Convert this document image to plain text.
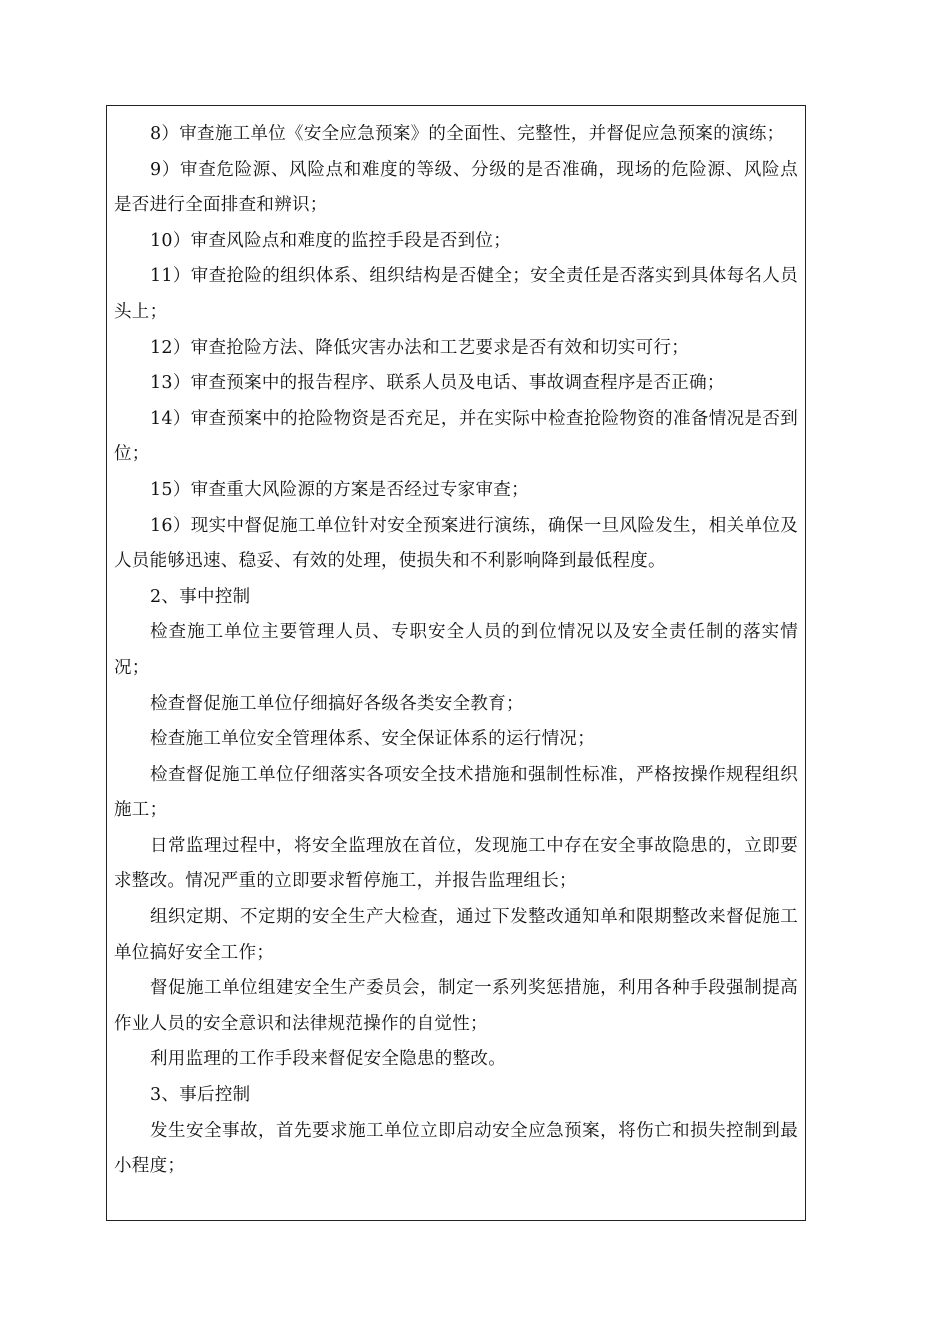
8）审查施工单位《安全应急预案》的全面性、完整性，并督促应急预案的演练；

9）审查危险源、风险点和难度的等级、分级的是否准确，现场的危险源、风险点是否进行全面排查和辨识；

10）审查风险点和难度的监控手段是否到位；

11）审查抢险的组织体系、组织结构是否健全；安全责任是否落实到具体每名人员头上；

12）审查抢险方法、降低灾害办法和工艺要求是否有效和切实可行；

13）审查预案中的报告程序、联系人员及电话、事故调查程序是否正确；

14）审查预案中的抢险物资是否充足，并在实际中检查抢险物资的准备情况是否到位；

15）审查重大风险源的方案是否经过专家审查；

16）现实中督促施工单位针对安全预案进行演练，确保一旦风险发生，相关单位及人员能够迅速、稳妥、有效的处理，使损失和不利影响降到最低程度。

2、事中控制

检查施工单位主要管理人员、专职安全人员的到位情况以及安全责任制的落实情况；

检查督促施工单位仔细搞好各级各类安全教育；

检查施工单位安全管理体系、安全保证体系的运行情况；

检查督促施工单位仔细落实各项安全技术措施和强制性标准，严格按操作规程组织施工；

日常监理过程中，将安全监理放在首位，发现施工中存在安全事故隐患的，立即要求整改。情况严重的立即要求暂停施工，并报告监理组长；

组织定期、不定期的安全生产大检查，通过下发整改通知单和限期整改来督促施工单位搞好安全工作；

督促施工单位组建安全生产委员会，制定一系列奖惩措施，利用各种手段强制提高作业人员的安全意识和法律规范操作的自觉性；

利用监理的工作手段来督促安全隐患的整改。

3、事后控制

发生安全事故，首先要求施工单位立即启动安全应急预案，将伤亡和损失控制到最小程度；
